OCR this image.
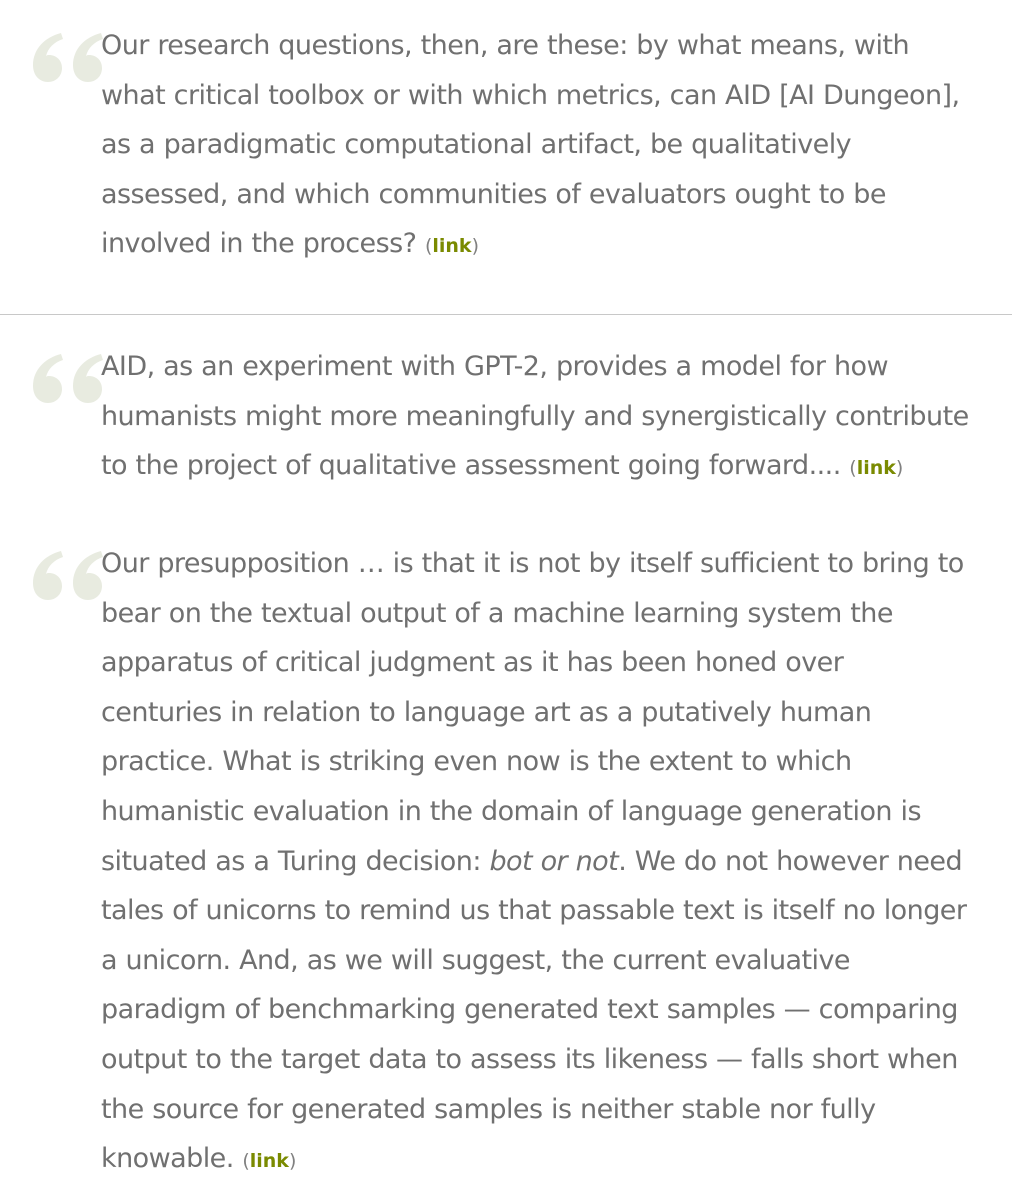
Our research questions, then, are these: by what means, with what critical toolbox or with which metrics, can AID [AI Dungeon], as a paradigmatic computational artifact, be qualitatively assessed, and which communities of evaluators ought to be involved in the process? (link)

AID, as an experiment with GPT-2, provides a model for how humanists might more meaningfully and synergistically contribute to the project of qualitative assessment going forward.... (link)

Our presupposition … is that it is not by itself sufficient to bring to bear on the textual output of a machine learning system the apparatus of critical judgment as it has been honed over centuries in relation to language art as a putatively human practice. What is striking even now is the extent to which humanistic evaluation in the domain of language generation is situated as a Turing decision: bot or not. We do not however need tales of unicorns to remind us that passable text is itself no longer a unicorn. And, as we will suggest, the current evaluative paradigm of benchmarking generated text samples — comparing output to the target data to assess its likeness — falls short when the source for generated samples is neither stable nor fully knowable. (link)
